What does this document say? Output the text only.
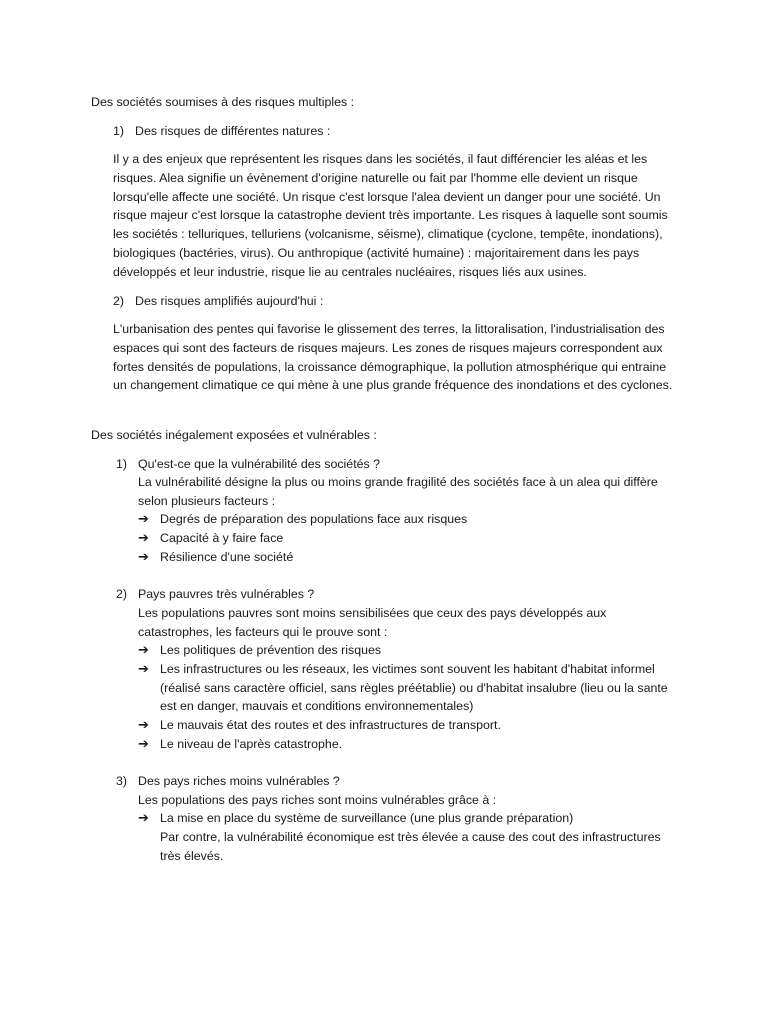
Des sociétés soumises à des risques multiples :
1) Des risques de différentes natures :
Il y a des enjeux que représentent les risques dans les sociétés, il faut différencier les aléas et les risques. Alea signifie un évènement d'origine naturelle ou fait par l'homme elle devient un risque lorsqu'elle affecte une société. Un risque c'est lorsque l'alea devient un danger pour une société. Un risque majeur c'est lorsque la catastrophe devient très importante. Les risques à laquelle sont soumis les sociétés : telluriques, telluriens (volcanisme, séisme), climatique (cyclone, tempête, inondations), biologiques (bactéries, virus). Ou anthropique (activité humaine) : majoritairement dans les pays développés et leur industrie, risque lie au centrales nucléaires, risques liés aux usines.
2) Des risques amplifiés aujourd'hui :
L'urbanisation des pentes qui favorise le glissement des terres, la littoralisation, l'industrialisation des espaces qui sont des facteurs de risques majeurs. Les zones de risques majeurs correspondent aux fortes densités de populations, la croissance démographique, la pollution atmosphérique qui entraine un changement climatique ce qui mène à une plus grande fréquence des inondations et des cyclones.
Des sociétés inégalement exposées et vulnérables :
1) Qu'est-ce que la vulnérabilité des sociétés ?
La vulnérabilité désigne la plus ou moins grande fragilité des sociétés face à un alea qui diffère selon plusieurs facteurs :
➔ Degrés de préparation des populations face aux risques
➔ Capacité à y faire face
➔ Résilience d'une société
2) Pays pauvres très vulnérables ?
Les populations pauvres sont moins sensibilisées que ceux des pays développés aux catastrophes, les facteurs qui le prouve sont :
➔ Les politiques de prévention des risques
➔ Les infrastructures ou les réseaux, les victimes sont souvent les habitant d'habitat informel (réalisé sans caractère officiel, sans règles préétablie) ou d'habitat insalubre (lieu ou la sante est en danger, mauvais et conditions environnementales)
➔ Le mauvais état des routes et des infrastructures de transport.
➔ Le niveau de l'après catastrophe.
3) Des pays riches moins vulnérables ?
Les populations des pays riches sont moins vulnérables grâce à :
➔ La mise en place du système de surveillance (une plus grande préparation)
Par contre, la vulnérabilité économique est très élevée a cause des cout des infrastructures très élevés.
